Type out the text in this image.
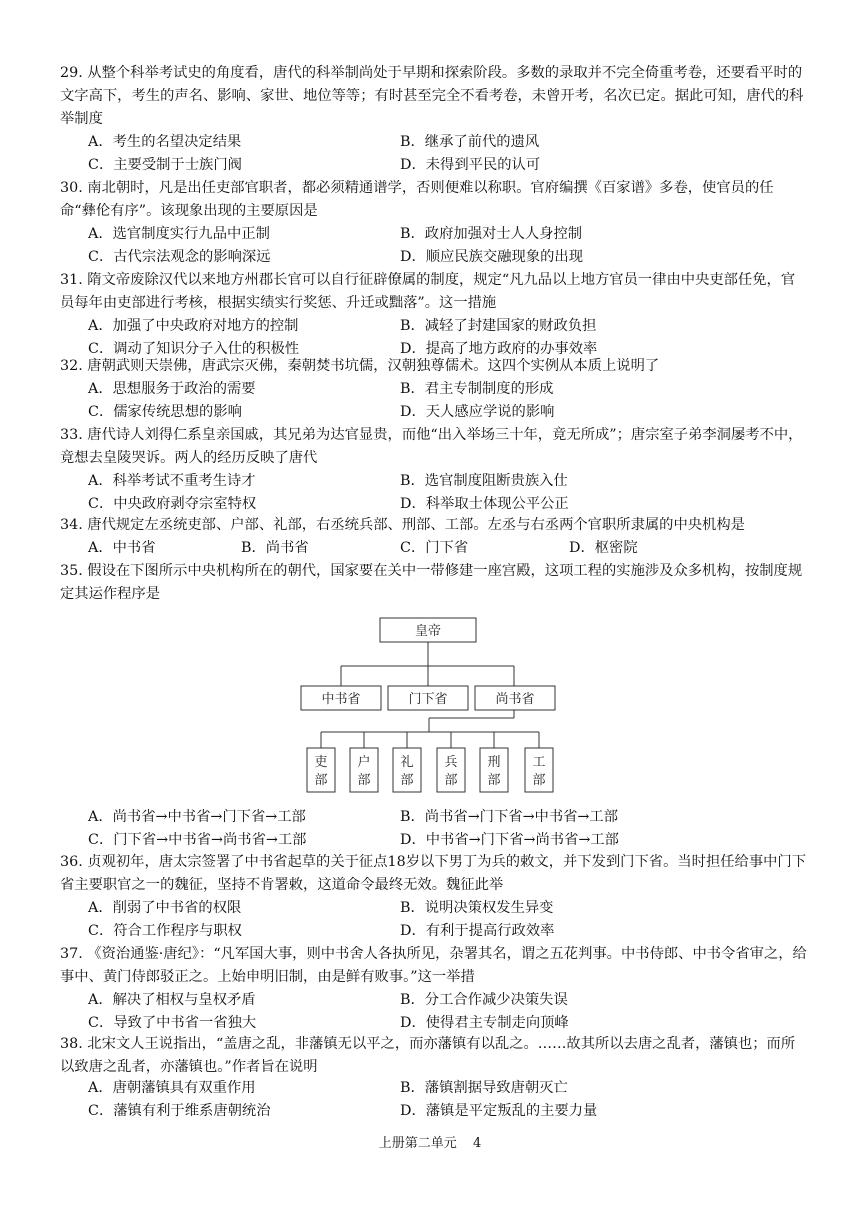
29. 从整个科举考试史的角度看，唐代的科举制尚处于早期和探索阶段。多数的录取并不完全倚重考卷，还要看平时的文字高下，考生的声名、影响、家世、地位等等；有时甚至完全不看考卷，未曾开考，名次已定。据此可知，唐代的科举制度
A．考生的名望决定结果	B．继承了前代的遗风
C．主要受制于士族门阀	D．未得到平民的认可
30. 南北朝时，凡是出任吏部官职者，都必须精通谱学，否则便难以称职。官府编撰《百家谱》多卷，使官员的任命“彝伦有序”。该现象出现的主要原因是
A．选官制度实行九品中正制	B．政府加强对士人人身控制
C．古代宗法观念的影响深远	D．顺应民族交融现象的出现
31. 隋文帝废除汉代以来地方州郡长官可以自行征辟僚属的制度，规定“凡九品以上地方官员一律由中央吏部任免，官员每年由吏部进行考核，根据实绩实行奖惩、升迁或黜落”。这一措施
A．加强了中央政府对地方的控制	B．减轻了封建国家的财政负担
C．调动了知识分子入仕的积极性	D．提高了地方政府的办事效率
32. 唐朝武则天崇佛，唐武宗灭佛，秦朝焚书坑儒，汉朝独尊儒术。这四个实例从本质上说明了
A．思想服务于政治的需要	B．君主专制制度的形成
C．儒家传统思想的影响	D．天人感应学说的影响
33. 唐代诗人刘得仁系皇亲国戚，其兄弟为达官显贵，而他“出入举场三十年，竟无所成”；唐宗室子弟李洞屡考不中，竟想去皇陵哭诉。两人的经历反映了唐代
A．科举考试不重考生诗才	B．选官制度阻断贵族入仕
C．中央政府剥夺宗室特权	D．科举取士体现公平公正
34. 唐代规定左丞统吏部、户部、礼部，右丞统兵部、刑部、工部。左丞与右丞两个官职所隶属的中央机构是
A．中书省	B．尚书省	C．门下省	D．枢密院
35. 假设在下图所示中央机构所在的朝代，国家要在关中一带修建一座宫殿，这项工程的实施涉及众多机构，按制度规定其运作程序是
皇帝
中书省	门下省	尚书省
吏部
户部
礼部
兵部
刑部
工部
A．尚书省→中书省→门下省→工部	B．尚书省→门下省→中书省→工部
C．门下省→中书省→尚书省→工部	D．中书省→门下省→尚书省→工部
36. 贞观初年，唐太宗签署了中书省起草的关于征点18岁以下男丁为兵的敕文，并下发到门下省。当时担任给事中门下省主要职官之一的魏征，坚持不肯署敕，这道命令最终无效。魏征此举
A．削弱了中书省的权限	B．说明决策权发生异变
C．符合工作程序与职权	D．有利于提高行政效率
37. 《资治通鉴·唐纪》：“凡军国大事，则中书舍人各执所见，杂署其名，谓之五花判事。中书侍郎、中书令省审之，给事中、黄门侍郎驳正之。上始申明旧制，由是鲜有败事。”这一举措
A．解决了相权与皇权矛盾	B．分工合作减少决策失误
C．导致了中书省一省独大	D．使得君主专制走向顶峰
38. 北宋文人王说指出，“盖唐之乱，非藩镇无以平之，而亦藩镇有以乱之。……故其所以去唐之乱者，藩镇也；而所以致唐之乱者，亦藩镇也。”作者旨在说明
A．唐朝藩镇具有双重作用	B．藩镇割据导致唐朝灭亡
C．藩镇有利于维系唐朝统治	D．藩镇是平定叛乱的主要力量
上册第二单元 4
